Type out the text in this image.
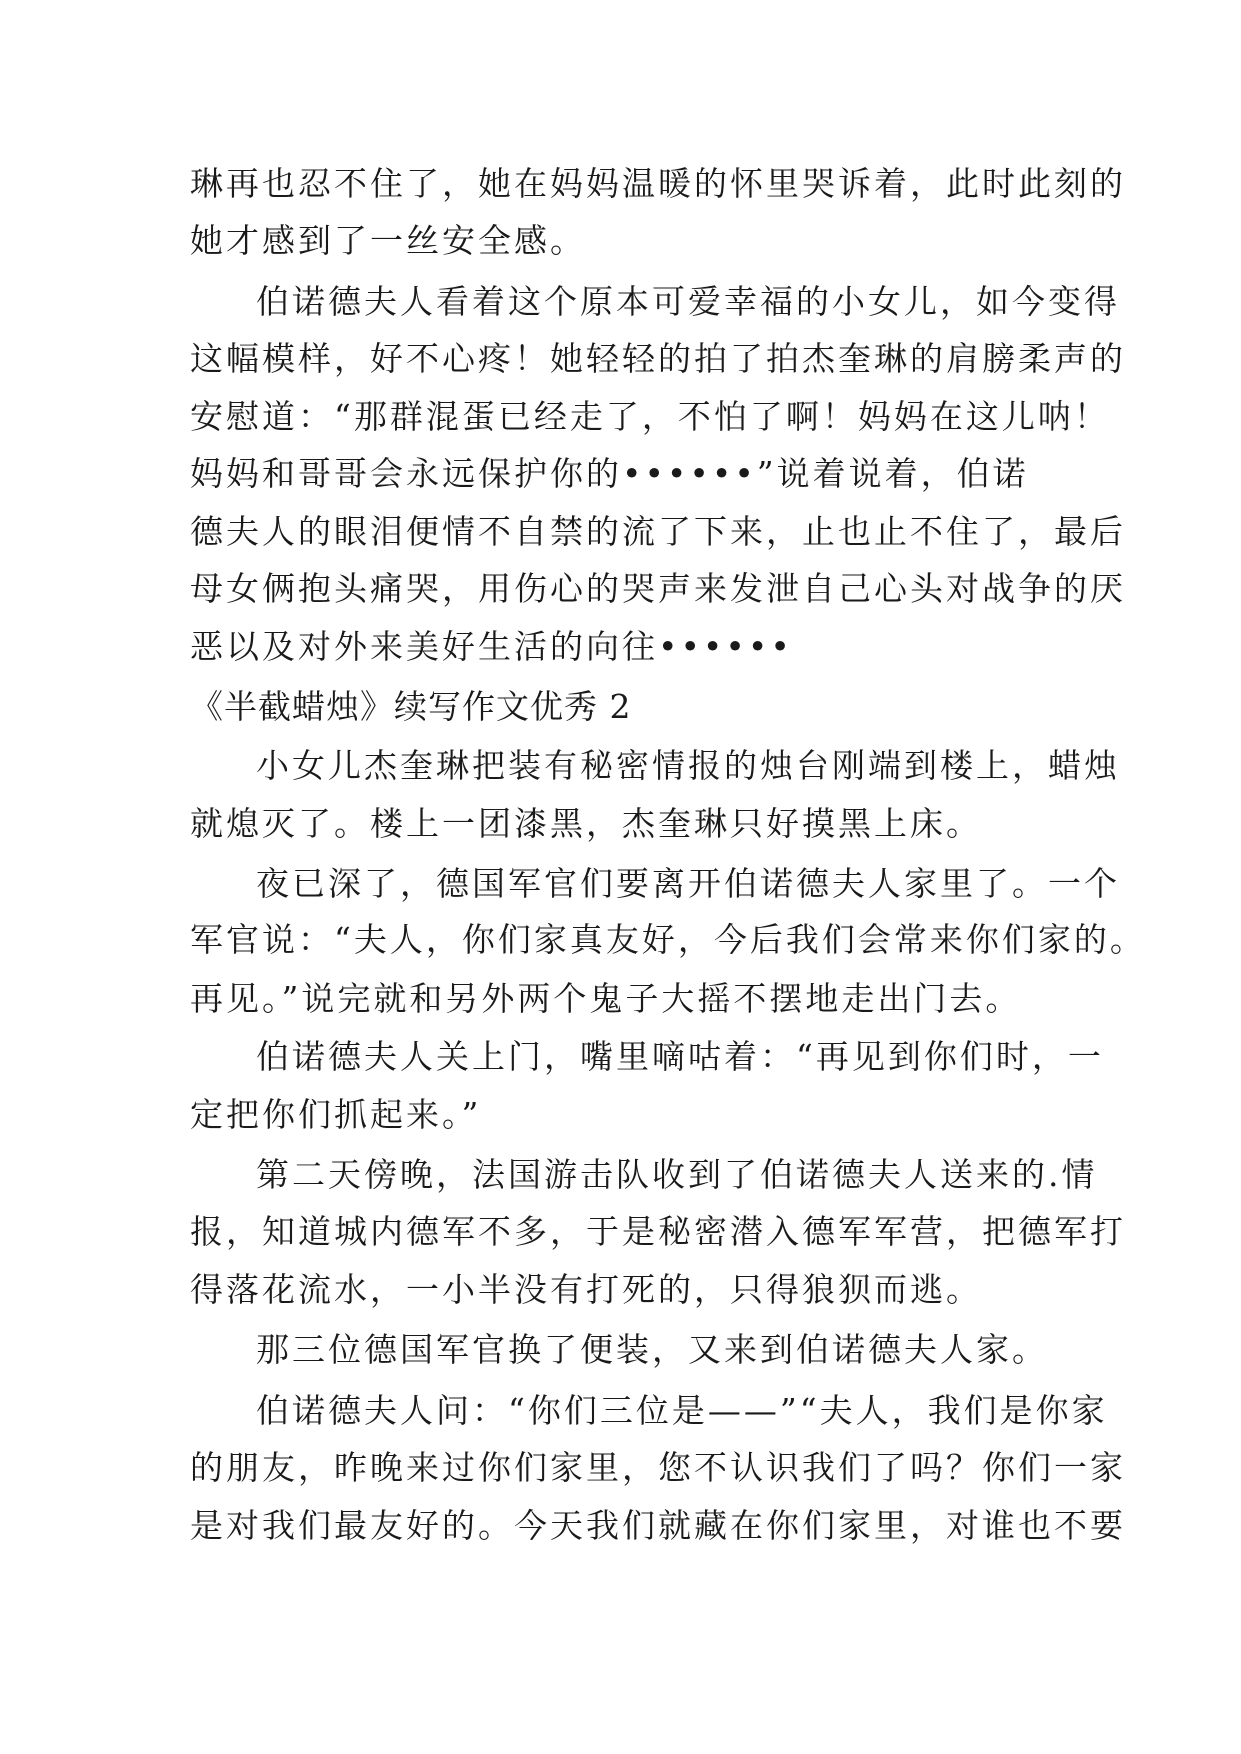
琳再也忍不住了，她在妈妈温暖的怀里哭诉着，此时此刻的
她才感到了一丝安全感。
伯诺德夫人看着这个原本可爱幸福的小女儿，如今变得
这幅模样，好不心疼！她轻轻的拍了拍杰奎琳的肩膀柔声的
安慰道：“那群混蛋已经走了，不怕了啊！妈妈在这儿呐！
妈妈和哥哥会永远保护你的••••••”说着说着，伯诺
德夫人的眼泪便情不自禁的流了下来，止也止不住了，最后
母女俩抱头痛哭，用伤心的哭声来发泄自己心头对战争的厌
恶以及对外来美好生活的向往••••••
《半截蜡烛》续写作文优秀 2
小女儿杰奎琳把装有秘密情报的烛台刚端到楼上，蜡烛
就熄灭了。楼上一团漆黑，杰奎琳只好摸黑上床。
夜已深了，德国军官们要离开伯诺德夫人家里了。一个
军官说：“夫人，你们家真友好，今后我们会常来你们家的。
再见。”说完就和另外两个鬼子大摇不摆地走出门去。
伯诺德夫人关上门，嘴里嘀咕着：“再见到你们时，一
定把你们抓起来。”
第二天傍晚，法国游击队收到了伯诺德夫人送来的.情
报，知道城内德军不多，于是秘密潜入德军军营，把德军打
得落花流水，一小半没有打死的，只得狼狈而逃。
那三位德国军官换了便装，又来到伯诺德夫人家。
伯诺德夫人问：“你们三位是——”“夫人，我们是你家
的朋友，昨晚来过你们家里，您不认识我们了吗？你们一家
是对我们最友好的。今天我们就藏在你们家里，对谁也不要
